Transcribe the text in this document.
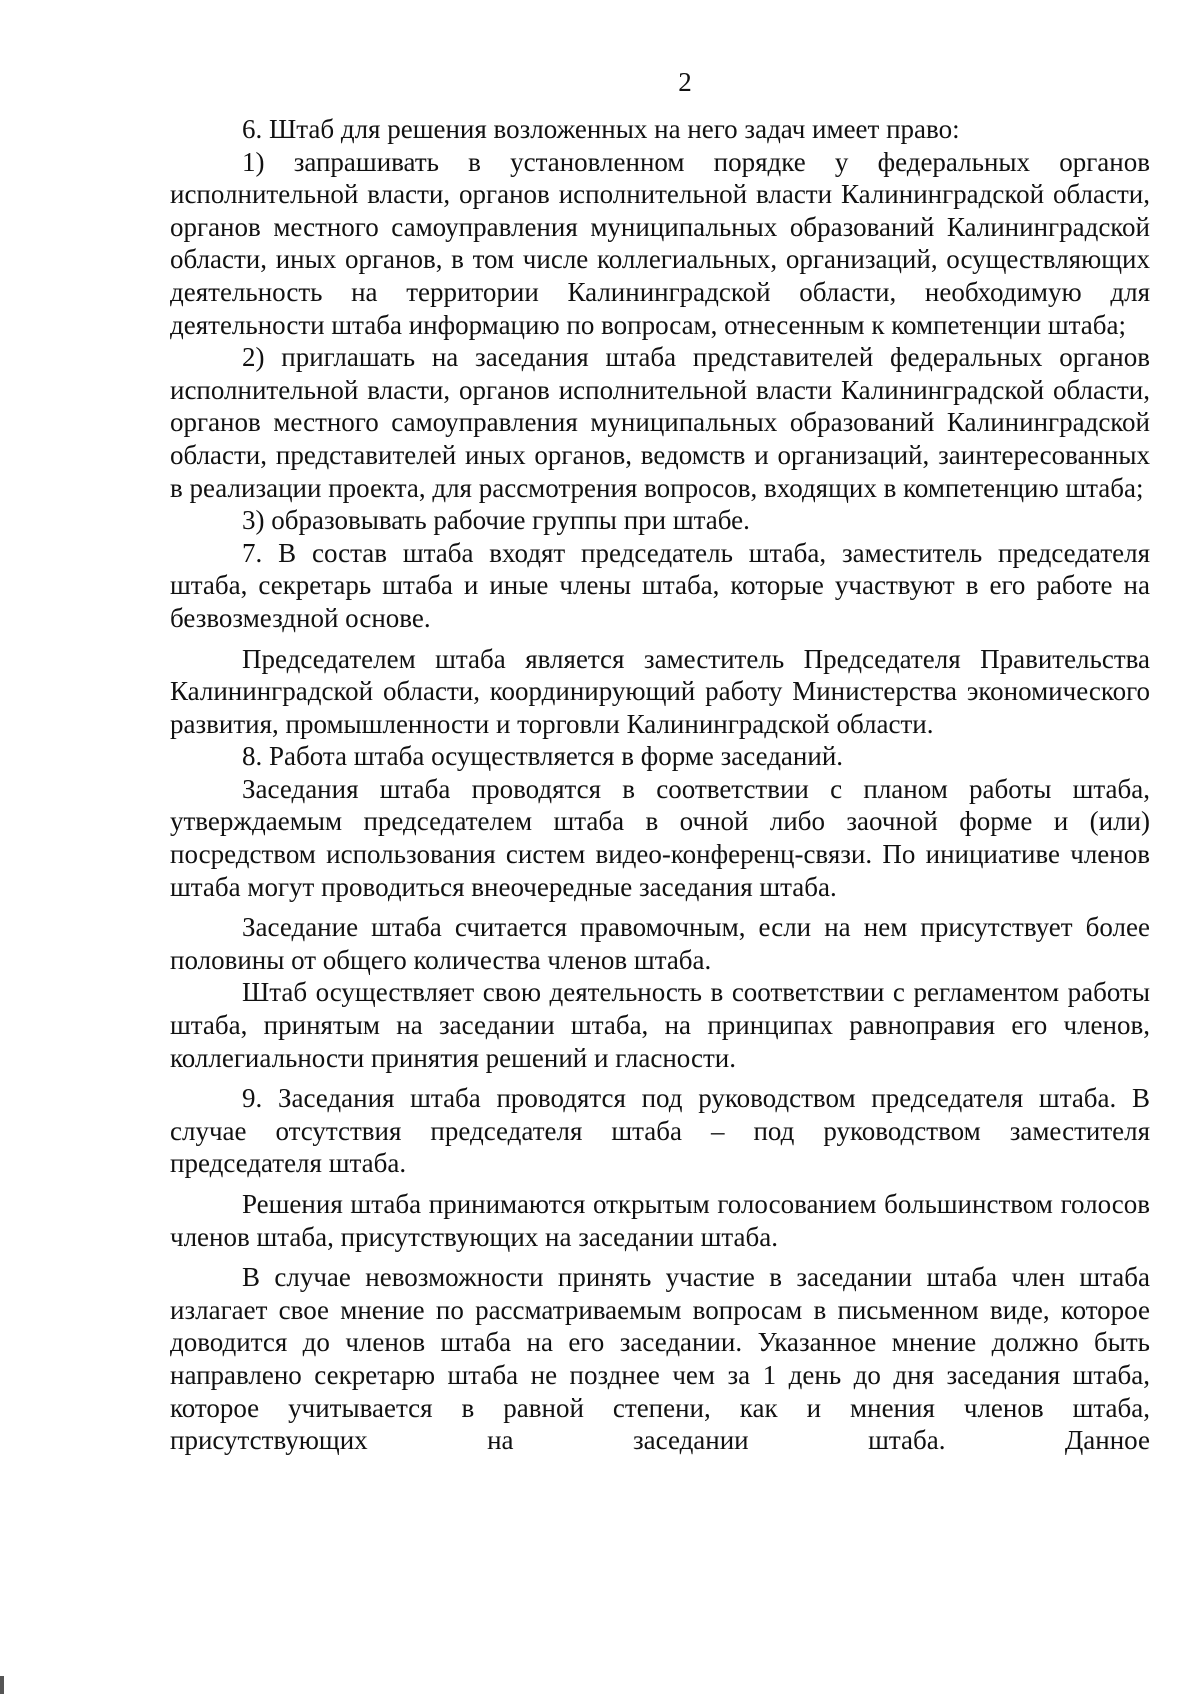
2

6. Штаб для решения возложенных на него задач имеет право:

1) запрашивать в установленном порядке у федеральных органов исполнительной власти, органов исполнительной власти Калининградской области, органов местного самоуправления муниципальных образований Калининградской области, иных органов, в том числе коллегиальных, организаций, осуществляющих деятельность на территории Калининградской области, необходимую для деятельности штаба информацию по вопросам, отнесенным к компетенции штаба;

2) приглашать на заседания штаба представителей федеральных органов исполнительной власти, органов исполнительной власти Калининградской области, органов местного самоуправления муниципальных образований Калининградской области, представителей иных органов, ведомств и организаций, заинтересованных в реализации проекта, для рассмотрения вопросов, входящих в компетенцию штаба;

3) образовывать рабочие группы при штабе.

7. В состав штаба входят председатель штаба, заместитель председателя штаба, секретарь штаба и иные члены штаба, которые участвуют в его работе на безвозмездной основе.

Председателем штаба является заместитель Председателя Правительства Калининградской области, координирующий работу Министерства экономического развития, промышленности и торговли Калининградской области.

8. Работа штаба осуществляется в форме заседаний.

Заседания штаба проводятся в соответствии с планом работы штаба, утверждаемым председателем штаба в очной либо заочной форме и (или) посредством использования систем видео-конференц-связи. По инициативе членов штаба могут проводиться внеочередные заседания штаба.

Заседание штаба считается правомочным, если на нем присутствует более половины от общего количества членов штаба.

Штаб осуществляет свою деятельность в соответствии с регламентом работы штаба, принятым на заседании штаба, на принципах равноправия его членов, коллегиальности принятия решений и гласности.

9. Заседания штаба проводятся под руководством председателя штаба. В случае отсутствия председателя штаба – под руководством заместителя председателя штаба.

Решения штаба принимаются открытым голосованием большинством голосов членов штаба, присутствующих на заседании штаба.

В случае невозможности принять участие в заседании штаба член штаба излагает свое мнение по рассматриваемым вопросам в письменном виде, которое доводится до членов штаба на его заседании. Указанное мнение должно быть направлено секретарю штаба не позднее чем за 1 день до дня заседания штаба, которое учитывается в равной степени, как и мнения членов штаба, присутствующих на заседании штаба. Данное
